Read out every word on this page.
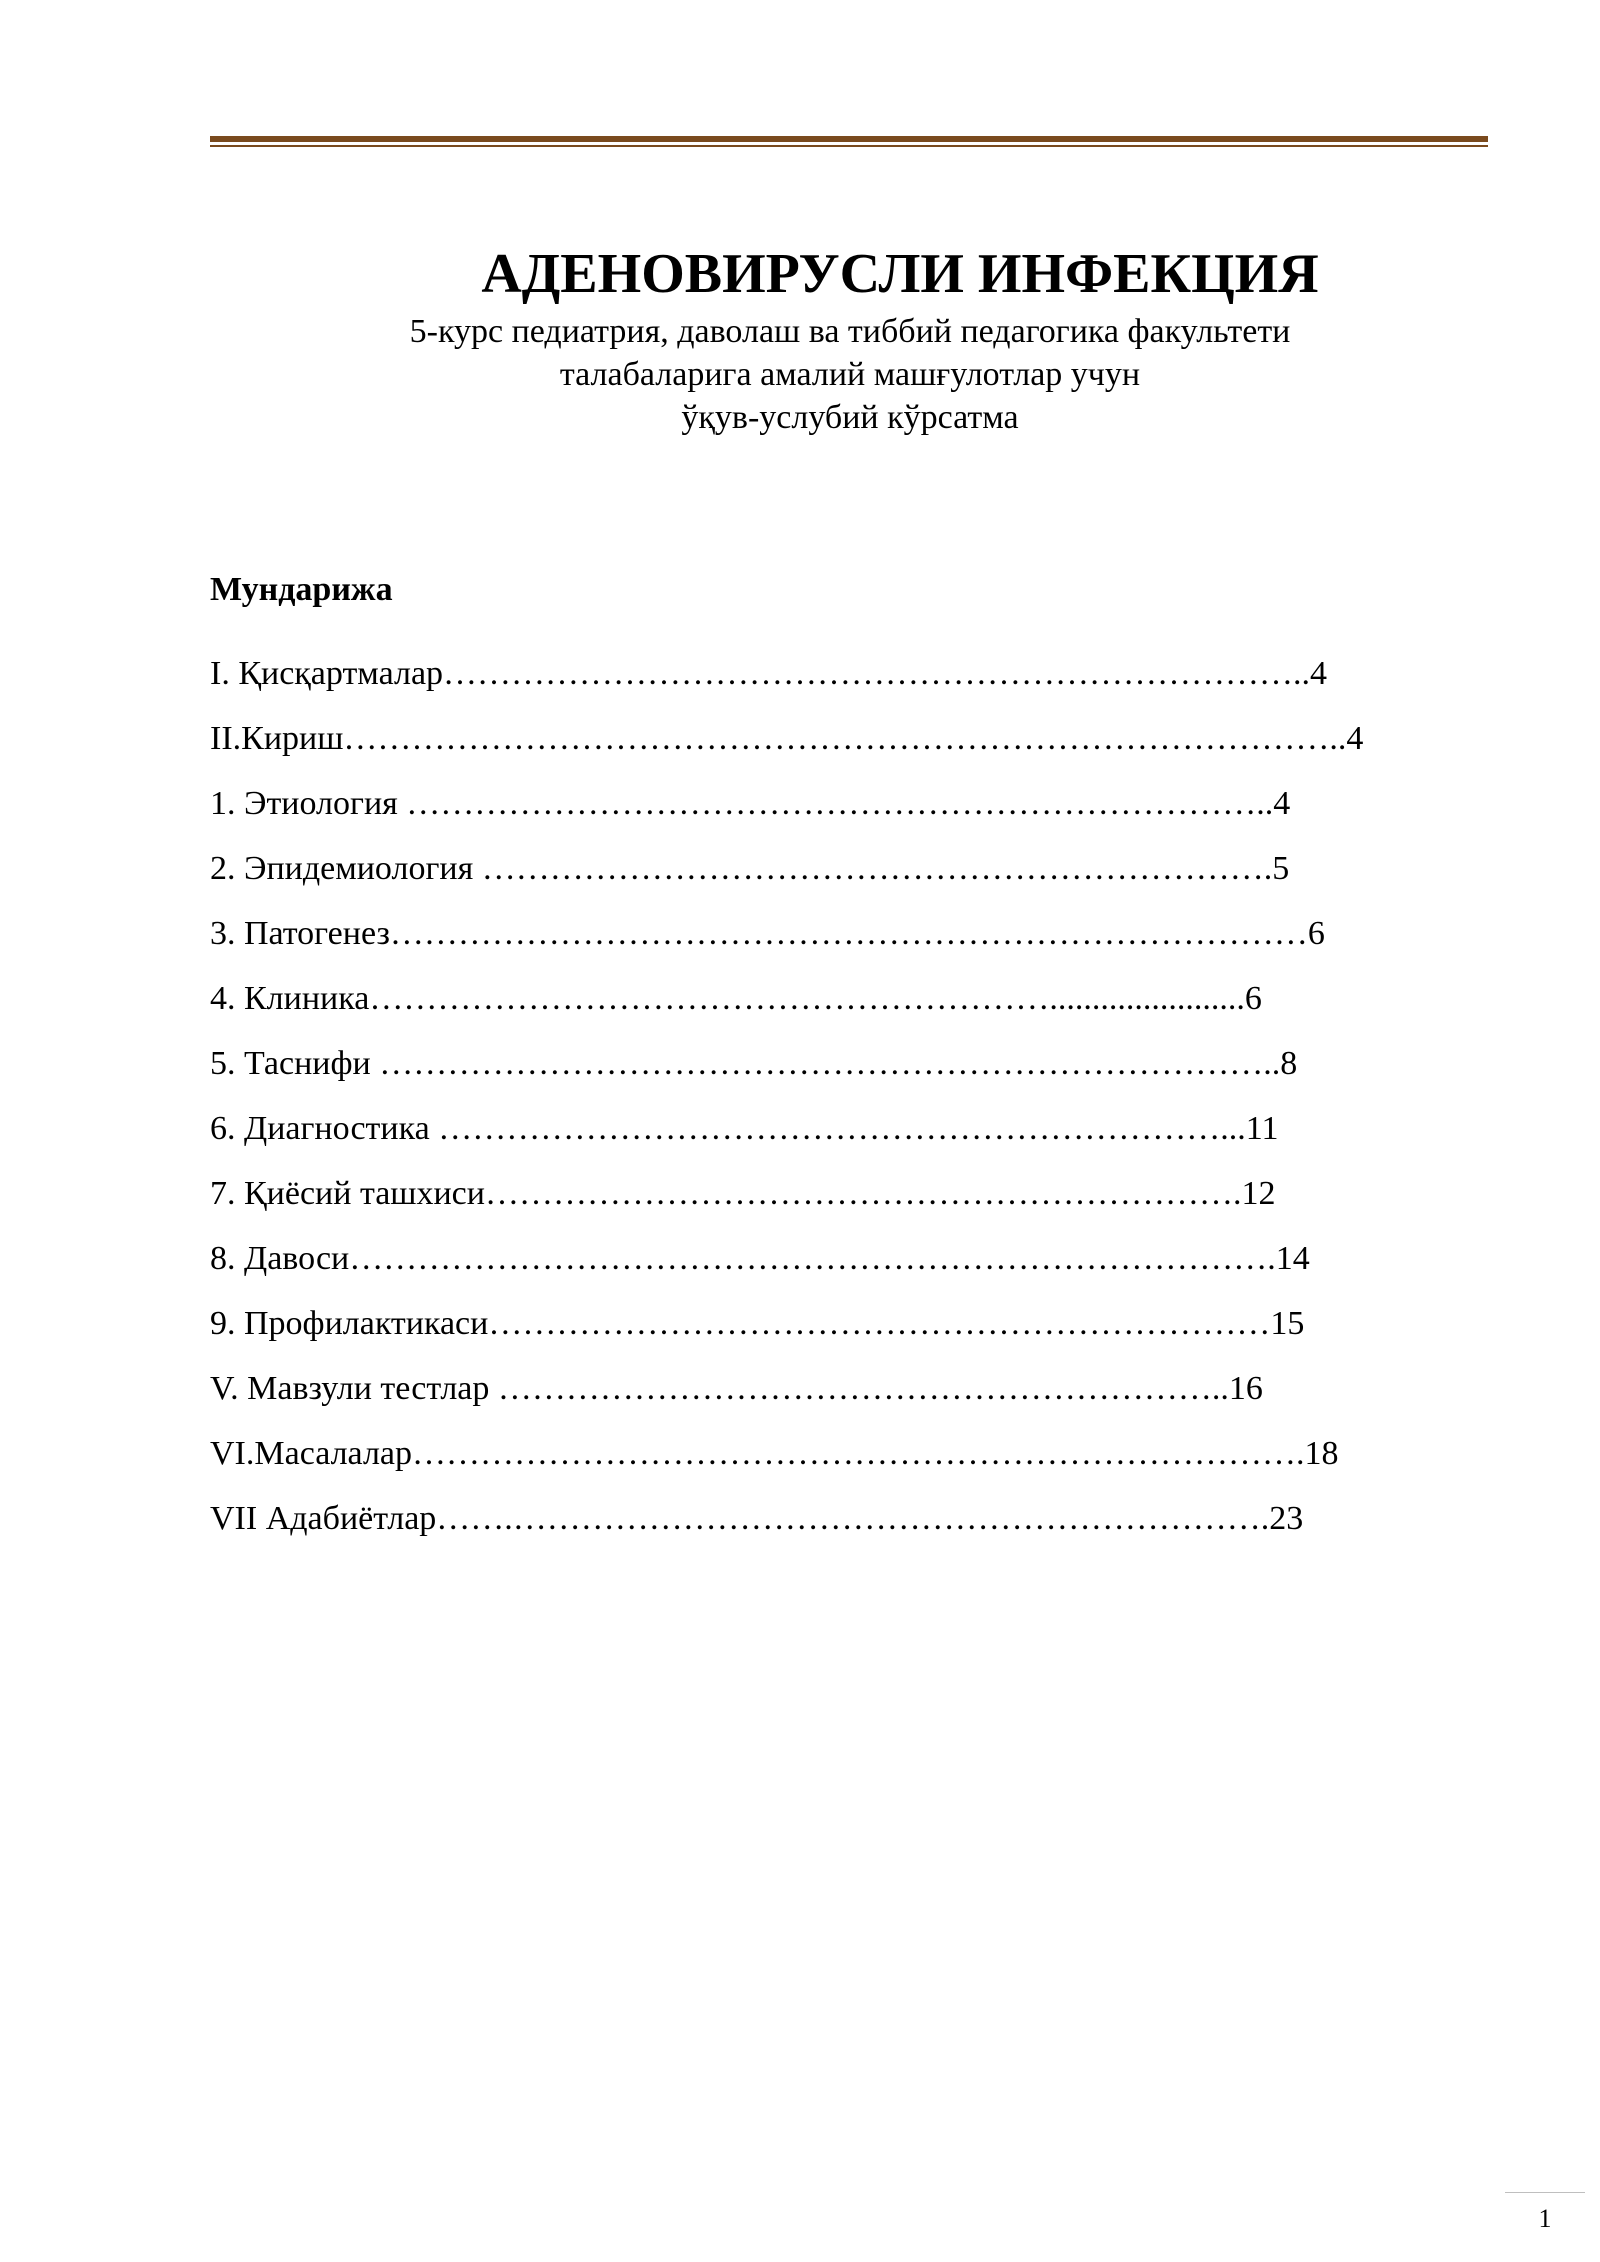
АДЕНОВИРУСЛИ ИНФЕКЦИЯ

5-курс педиатрия, даволаш ва тиббий педагогика факультети

талабаларига амалий машғулотлар учун

ўқув-услубий кўрсатма

Мундарижа
I. Қисқартмалар…………………………………………………………………..4
II.Кириш……………………………………………………………………………..4
1. Этиология …………………………………………………………………..4
2. Эпидемиология …………………………………………………………….5
3. Патогенез………………………………………………………………………6
4. Клиника…………………………………………………….......................6
5. Таснифи ……………………………………………………………………..8
6. Диагностика ……………………………………………………………...11
7. Қиёсий ташхиси………………………………………………………….12
8. Давоси……………………………………………………………………….14
9. Профилактикаси……………………………………………………………15
V. Мавзули тестлар ………………………………………………………..16
VI.Масалалар…………………………………………………………………….18
VII Адабиётлар…….………………………………………………………….23
1
